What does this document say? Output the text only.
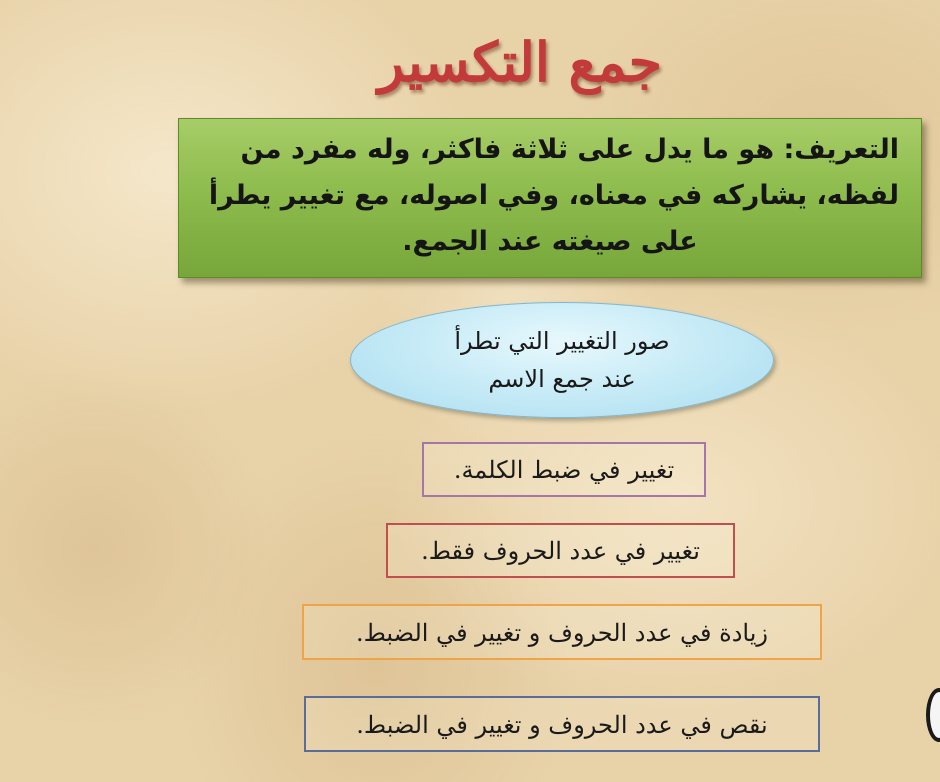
جمع التكسير
التعريف: هو ما يدل على ثلاثة فاكثر، وله مفرد من
لفظه، يشاركه في معناه، وفي اصوله، مع تغيير يطرأ
على صيغته عند الجمع.
صور التغيير التي تطرأ
عند جمع الاسم
تغيير في ضبط الكلمة.
تغيير في عدد الحروف فقط.
زيادة في عدد الحروف و تغيير في الضبط.
نقص في عدد الحروف و تغيير في الضبط.
